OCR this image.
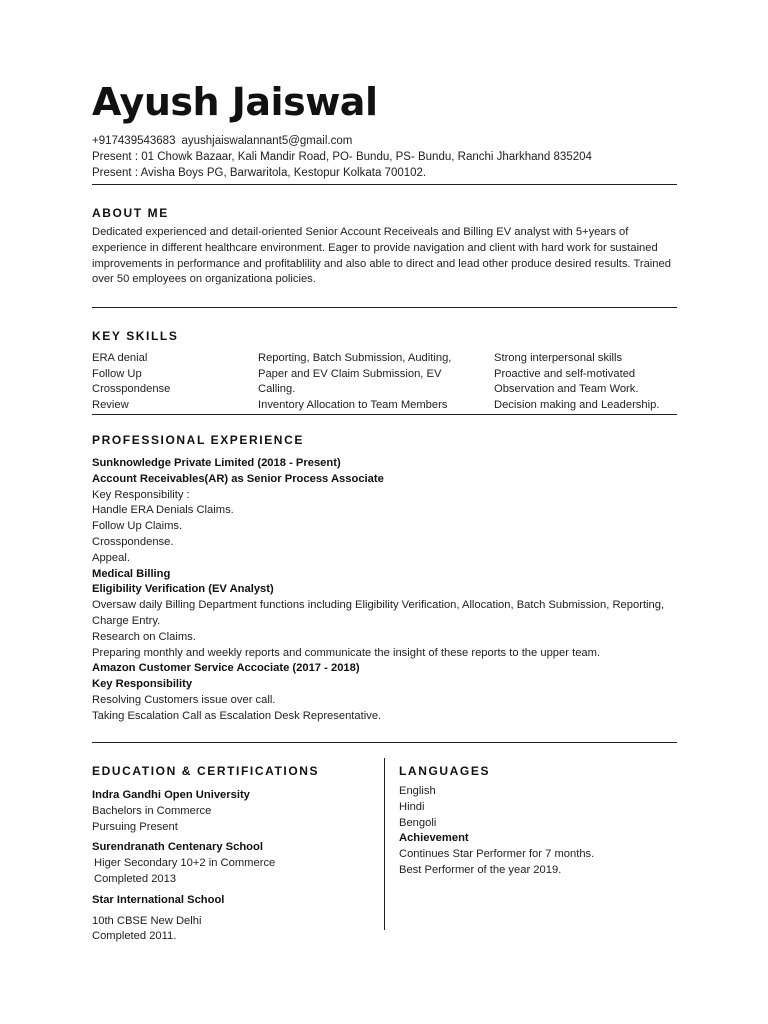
Ayush Jaiswal
+917439543683 ayushjaiswalannant5@gmail.com
Present : 01 Chowk Bazaar, Kali Mandir Road, PO- Bundu, PS- Bundu, Ranchi Jharkhand 835204
Present : Avisha Boys PG, Barwaritola, Kestopur Kolkata 700102.
ABOUT ME
Dedicated experienced and detail-oriented Senior Account Receiveals and Billing EV analyst with 5+years of experience in different healthcare environment. Eager to provide navigation and client with hard work for sustained improvements in performance and profitablility and also able to direct and lead other produce desired results. Trained over 50 employees on organizationa policies.
KEY SKILLS
ERA denial
Follow Up
Crosspondense
Review
Reporting, Batch Submission, Auditing,
Paper and EV Claim Submission, EV
Calling.
Inventory Allocation to Team Members
Strong interpersonal skills
Proactive and self-motivated
Observation and Team Work.
Decision making and Leadership.
PROFESSIONAL EXPERIENCE
Sunknowledge Private Limited (2018 - Present)
Account Receivables(AR) as Senior Process Associate
Key Responsibility :
Handle ERA Denials Claims.
Follow Up Claims.
Crosspondense.
Appeal.
Medical Billing
Eligibility Verification (EV Analyst)
Oversaw daily Billing Department functions including Eligibility Verification, Allocation, Batch Submission, Reporting, Charge Entry.
Research on Claims.
Preparing monthly and weekly reports and communicate the insight of these reports to the upper team.
Amazon Customer Service Accociate (2017 - 2018)
Key Responsibility
Resolving Customers issue over call.
Taking Escalation Call as Escalation Desk Representative.
EDUCATION & CERTIFICATIONS
Indra Gandhi Open University
Bachelors in Commerce
Pursuing Present
Surendranath Centenary School
Higer Secondary 10+2 in Commerce
Completed 2013
Star International School
10th CBSE New Delhi
Completed 2011.
LANGUAGES
English
Hindi
Bengoli
Achievement
Continues Star Performer for 7 months.
Best Performer of the year 2019.
